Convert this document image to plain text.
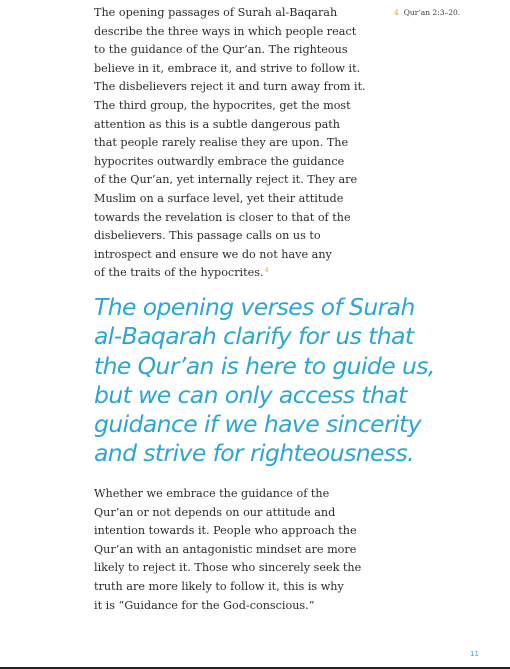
The opening passages of Surah al-Baqarah
describe the three ways in which people react
to the guidance of the Qur’an. The righteous
believe in it, embrace it, and strive to follow it.
The disbelievers reject it and turn away from it.
The third group, the hypocrites, get the most
attention as this is a subtle dangerous path
that people rarely realise they are upon. The
hypocrites outwardly embrace the guidance
of the Qur’an, yet internally reject it. They are
Muslim on a surface level, yet their attitude
towards the revelation is closer to that of the
disbelievers. This passage calls on us to
introspect and ensure we do not have any
of the traits of the hypocrites.$^4$

4 Qur’an 2:3–20.
The opening verses of Surah
al-Baqarah clarify for us that
the Qur’an is here to guide us,
but we can only access that
guidance if we have sincerity
and strive for righteousness.

Whether we embrace the guidance of the
Qur’an or not depends on our attitude and
intention towards it. People who approach the
Qur’an with an antagonistic mindset are more
likely to reject it. Those who sincerely seek the
truth are more likely to follow it, this is why
it is “Guidance for the God-conscious.”

11
